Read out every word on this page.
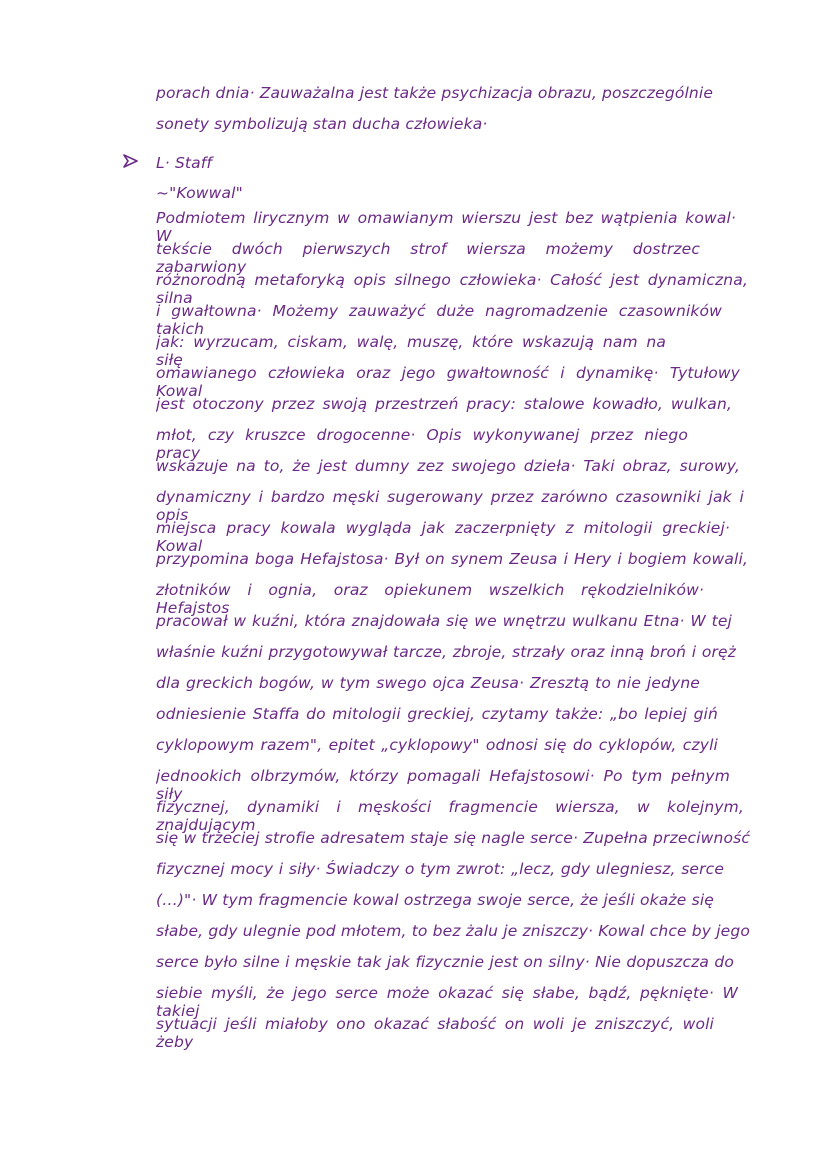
porach dnia· Zauważalna jest także psychizacja obrazu, poszczególnie
sonety symbolizują stan ducha człowieka·
L· Staff
~"Kowwal"
Podmiotem lirycznym w omawianym wierszu jest bez wątpienia kowal· W
tekście dwóch pierwszych strof wiersza możemy dostrzec zabarwiony
różnorodną metaforyką opis silnego człowieka· Całość jest dynamiczna, silna
i gwałtowna· Możemy zauważyć duże nagromadzenie czasowników takich
jak: wyrzucam, ciskam, walę, muszę, które wskazują nam na siłę
omawianego człowieka oraz jego gwałtowność i dynamikę· Tytułowy Kowal
jest otoczony przez swoją przestrzeń pracy: stalowe kowadło, wulkan,
młot, czy kruszce drogocenne· Opis wykonywanej przez niego pracy
wskazuje na to, że jest dumny zez swojego dzieła· Taki obraz, surowy,
dynamiczny i bardzo męski sugerowany przez zarówno czasowniki jak i opis
miejsca pracy kowala wygląda jak zaczerpnięty z mitologii greckiej· Kowal
przypomina boga Hefajstosa· Był on synem Zeusa i Hery i bogiem kowali,
złotników i ognia, oraz opiekunem wszelkich rękodzielników· Hefajstos
pracował w kuźni, która znajdowała się we wnętrzu wulkanu Etna· W tej
właśnie kuźni przygotowywał tarcze, zbroje, strzały oraz inną broń i oręż
dla greckich bogów, w tym swego ojca Zeusa· Zresztą to nie jedyne
odniesienie Staffa do mitologii greckiej, czytamy także: „bo lepiej giń
cyklopowym razem", epitet „cyklopowy" odnosi się do cyklopów, czyli
jednookich olbrzymów, którzy pomagali Hefajstosowi· Po tym pełnym siły
fizycznej, dynamiki i męskości fragmencie wiersza, w kolejnym, znajdującym
się w trzeciej strofie adresatem staje się nagle serce· Zupełna przeciwność
fizycznej mocy i siły· Świadczy o tym zwrot: „lecz, gdy ulegniesz, serce
(…)"· W tym fragmencie kowal ostrzega swoje serce, że jeśli okaże się
słabe, gdy ulegnie pod młotem, to bez żalu je zniszczy· Kowal chce by jego
serce było silne i męskie tak jak fizycznie jest on silny· Nie dopuszcza do
siebie myśli, że jego serce może okazać się słabe, bądź, pęknięte· W takiej
sytuacji jeśli miałoby ono okazać słabość on woli je zniszczyć, woli żeby
